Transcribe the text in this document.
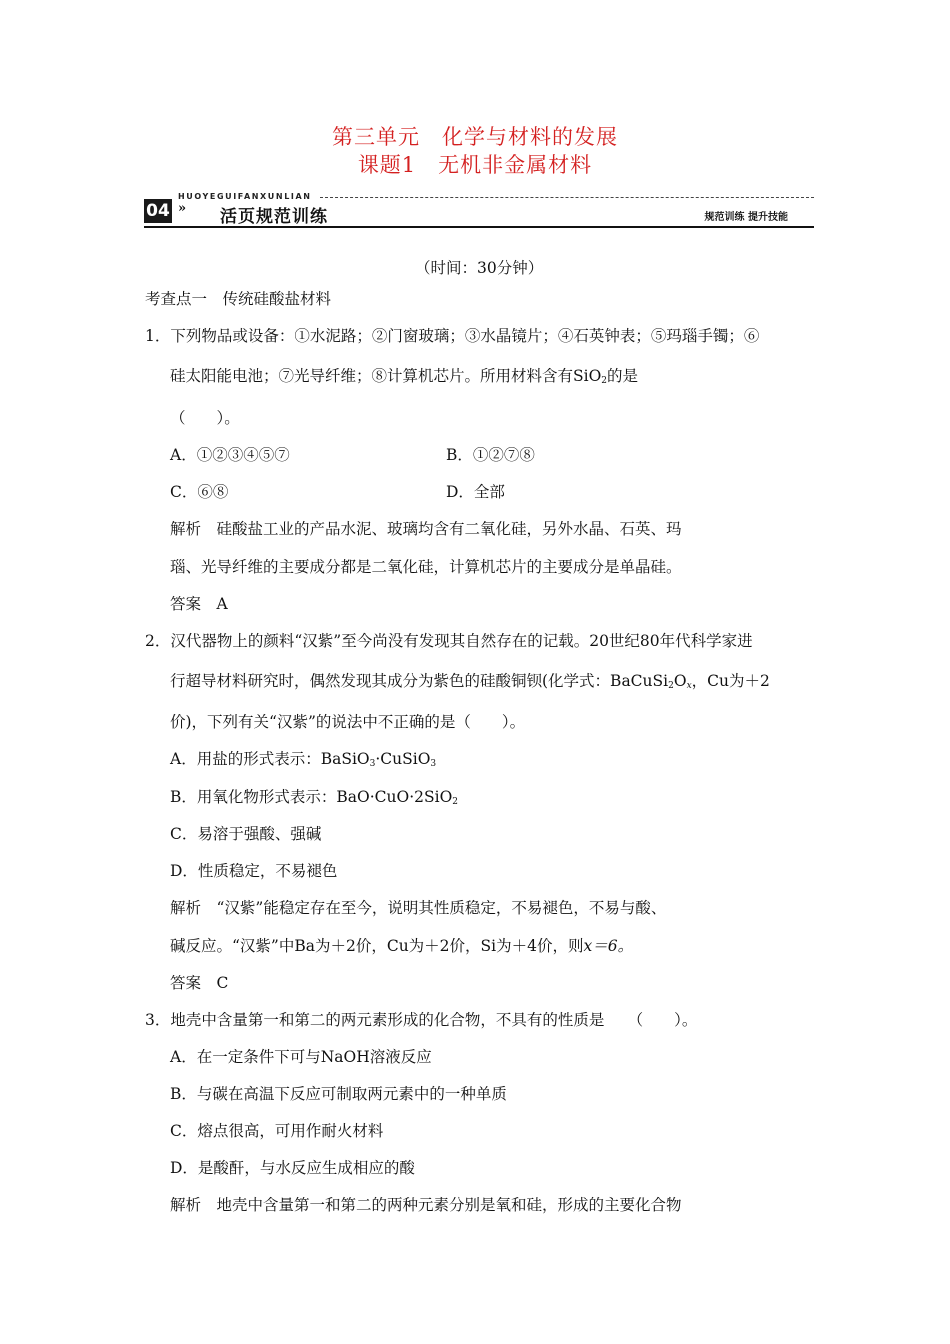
第三单元　化学与材料的发展
课题1　无机非金属材料
HUOYEGUIFANXUNLIAN
04 » 活页规范训练	规范训练 提升技能
（时间：30分钟）
考查点一　传统硅酸盐材料
1．下列物品或设备：①水泥路；②门窗玻璃；③水晶镜片；④石英钟表；⑤玛瑙手镯；⑥
硅太阳能电池；⑦光导纤维；⑧计算机芯片。所用材料含有SiO$_2$的是
（　　）。
A．①②③④⑤⑦	B．①②⑦⑧
C．⑥⑧	D．全部
解析　硅酸盐工业的产品水泥、玻璃均含有二氧化硅，另外水晶、石英、玛
瑙、光导纤维的主要成分都是二氧化硅，计算机芯片的主要成分是单晶硅。
答案　A
2．汉代器物上的颜料“汉紫”至今尚没有发现其自然存在的记载。20世纪80年代科学家进
行超导材料研究时，偶然发现其成分为紫色的硅酸铜钡(化学式：$BaCuSi_2O_x$，Cu为＋2
价)，下列有关“汉紫”的说法中不正确的是（　　）。
A．用盐的形式表示：BaSiO$_3$·CuSiO$_3$
B．用氧化物形式表示：BaO·CuO·2SiO$_2$
C．易溶于强酸、强碱
D．性质稳定，不易褪色
解析　“汉紫”能稳定存在至今，说明其性质稳定，不易褪色，不易与酸、
碱反应。“汉紫”中Ba为＋2价，Cu为＋2价，Si为＋4价，则x＝6。
答案　C
3．地壳中含量第一和第二的两元素形成的化合物，不具有的性质是　　（　　）。
A．在一定条件下可与NaOH溶液反应
B．与碳在高温下反应可制取两元素中的一种单质
C．熔点很高，可用作耐火材料
D．是酸酐，与水反应生成相应的酸
解析　地壳中含量第一和第二的两种元素分别是氧和硅，形成的主要化合物
